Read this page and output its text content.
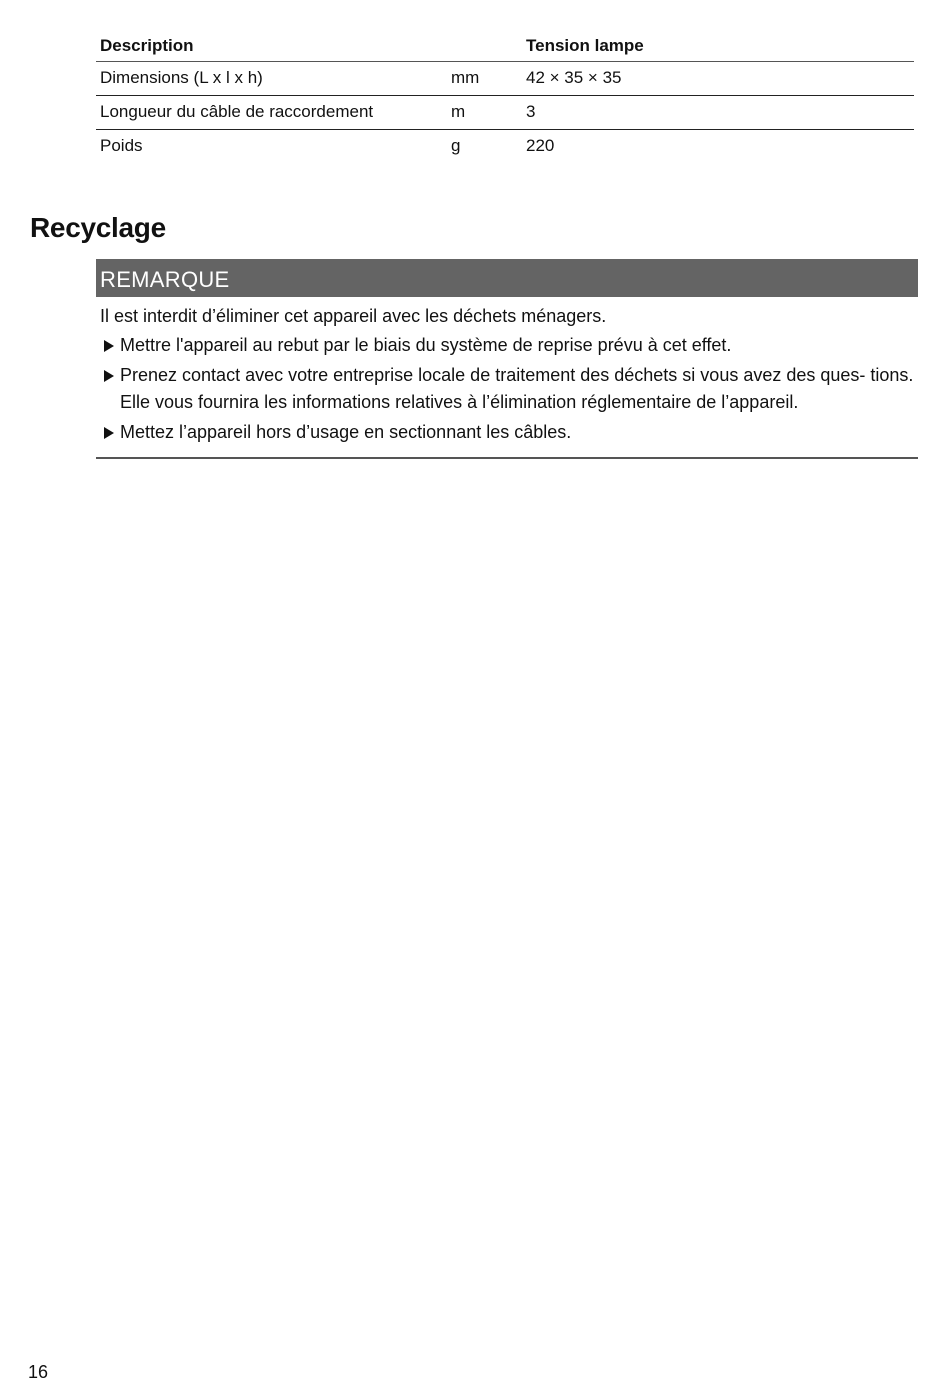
Description		Tension lampe
Dimensions (L x l x h)	mm	42 × 35 × 35
Longueur du câble de raccordement	m	3
Poids	g	220
Recyclage
REMARQUE

Il est interdit d’éliminer cet appareil avec les déchets ménagers.

Mettre l'appareil au rebut par le biais du système de reprise prévu à cet effet.
Prenez contact avec votre entreprise locale de traitement des déchets si vous avez des ques- tions. Elle vous fournira les informations relatives à l’élimination réglementaire de l’appareil.
Mettez l’appareil hors d’usage en sectionnant les câbles.
16
